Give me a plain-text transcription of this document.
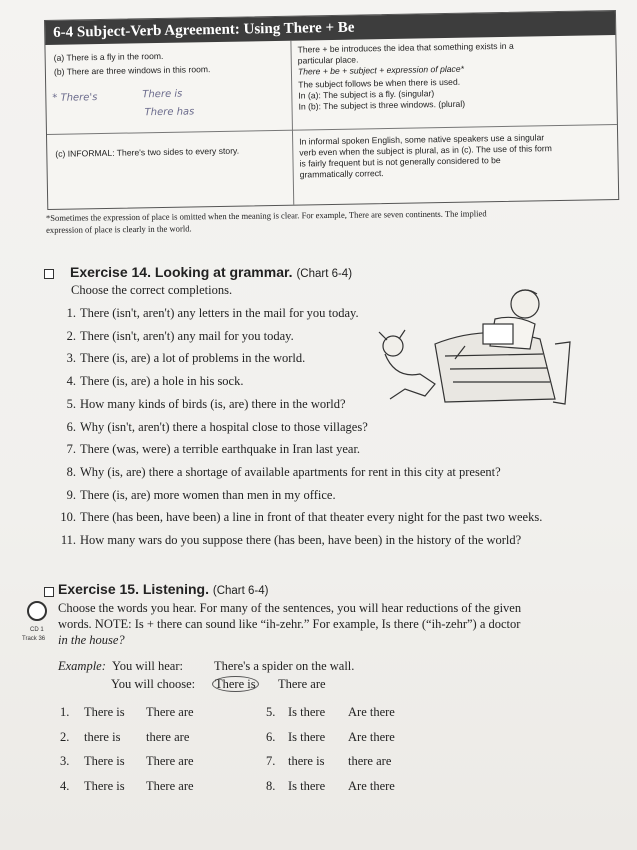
6-4 Subject-Verb Agreement: Using There + Be
(a) There is a fly in the room.
(b) There are three windows in this room.
* There's	There is
There has
There + be introduces the idea that something exists in a
particular place.
There + be + subject + expression of place*
The subject follows be when there is used.
In (a): The subject is a fly. (singular)
In (b): The subject is three windows. (plural)
(c) INFORMAL: There's two sides to every story.
In informal spoken English, some native speakers use a singular
verb even when the subject is plural, as in (c). The use of this form
is fairly frequent but is not generally considered to be
grammatically correct.
*Sometimes the expression of place is omitted when the meaning is clear. For example, There are seven continents. The implied
expression of place is clearly in the world.
Exercise 14. Looking at grammar. (Chart 6-4)
Choose the correct completions.
1. There (isn't, aren't) any letters in the mail for you today.
2. There (isn't, aren't) any mail for you today.
3. There (is, are) a lot of problems in the world.
4. There (is, are) a hole in his sock.
5. How many kinds of birds (is, are) there in the world?
6. Why (isn't, aren't) there a hospital close to those villages?
7. There (was, were) a terrible earthquake in Iran last year.
8. Why (is, are) there a shortage of available apartments for rent in this city at present?
9. There (is, are) more women than men in my office.
10. There (has been, have been) a line in front of that theater every night for the past two weeks.
11. How many wars do you suppose there (has been, have been) in the history of the world?
Exercise 15. Listening. (Chart 6-4)
CD 1
Track 36
Choose the words you hear. For many of the sentences, you will hear reductions of the given
words. NOTE: Is + there can sound like “ih-zehr.” For example, Is there (“ih-zehr”) a doctor
in the house?
Example: You will hear: There's a spider on the wall.
You will choose: There is There are
1. There is There are
2. there is there are
3. There is There are
4. There is There are
5. Is there Are there
6. Is there Are there
7. there is there are
8. Is there Are there
